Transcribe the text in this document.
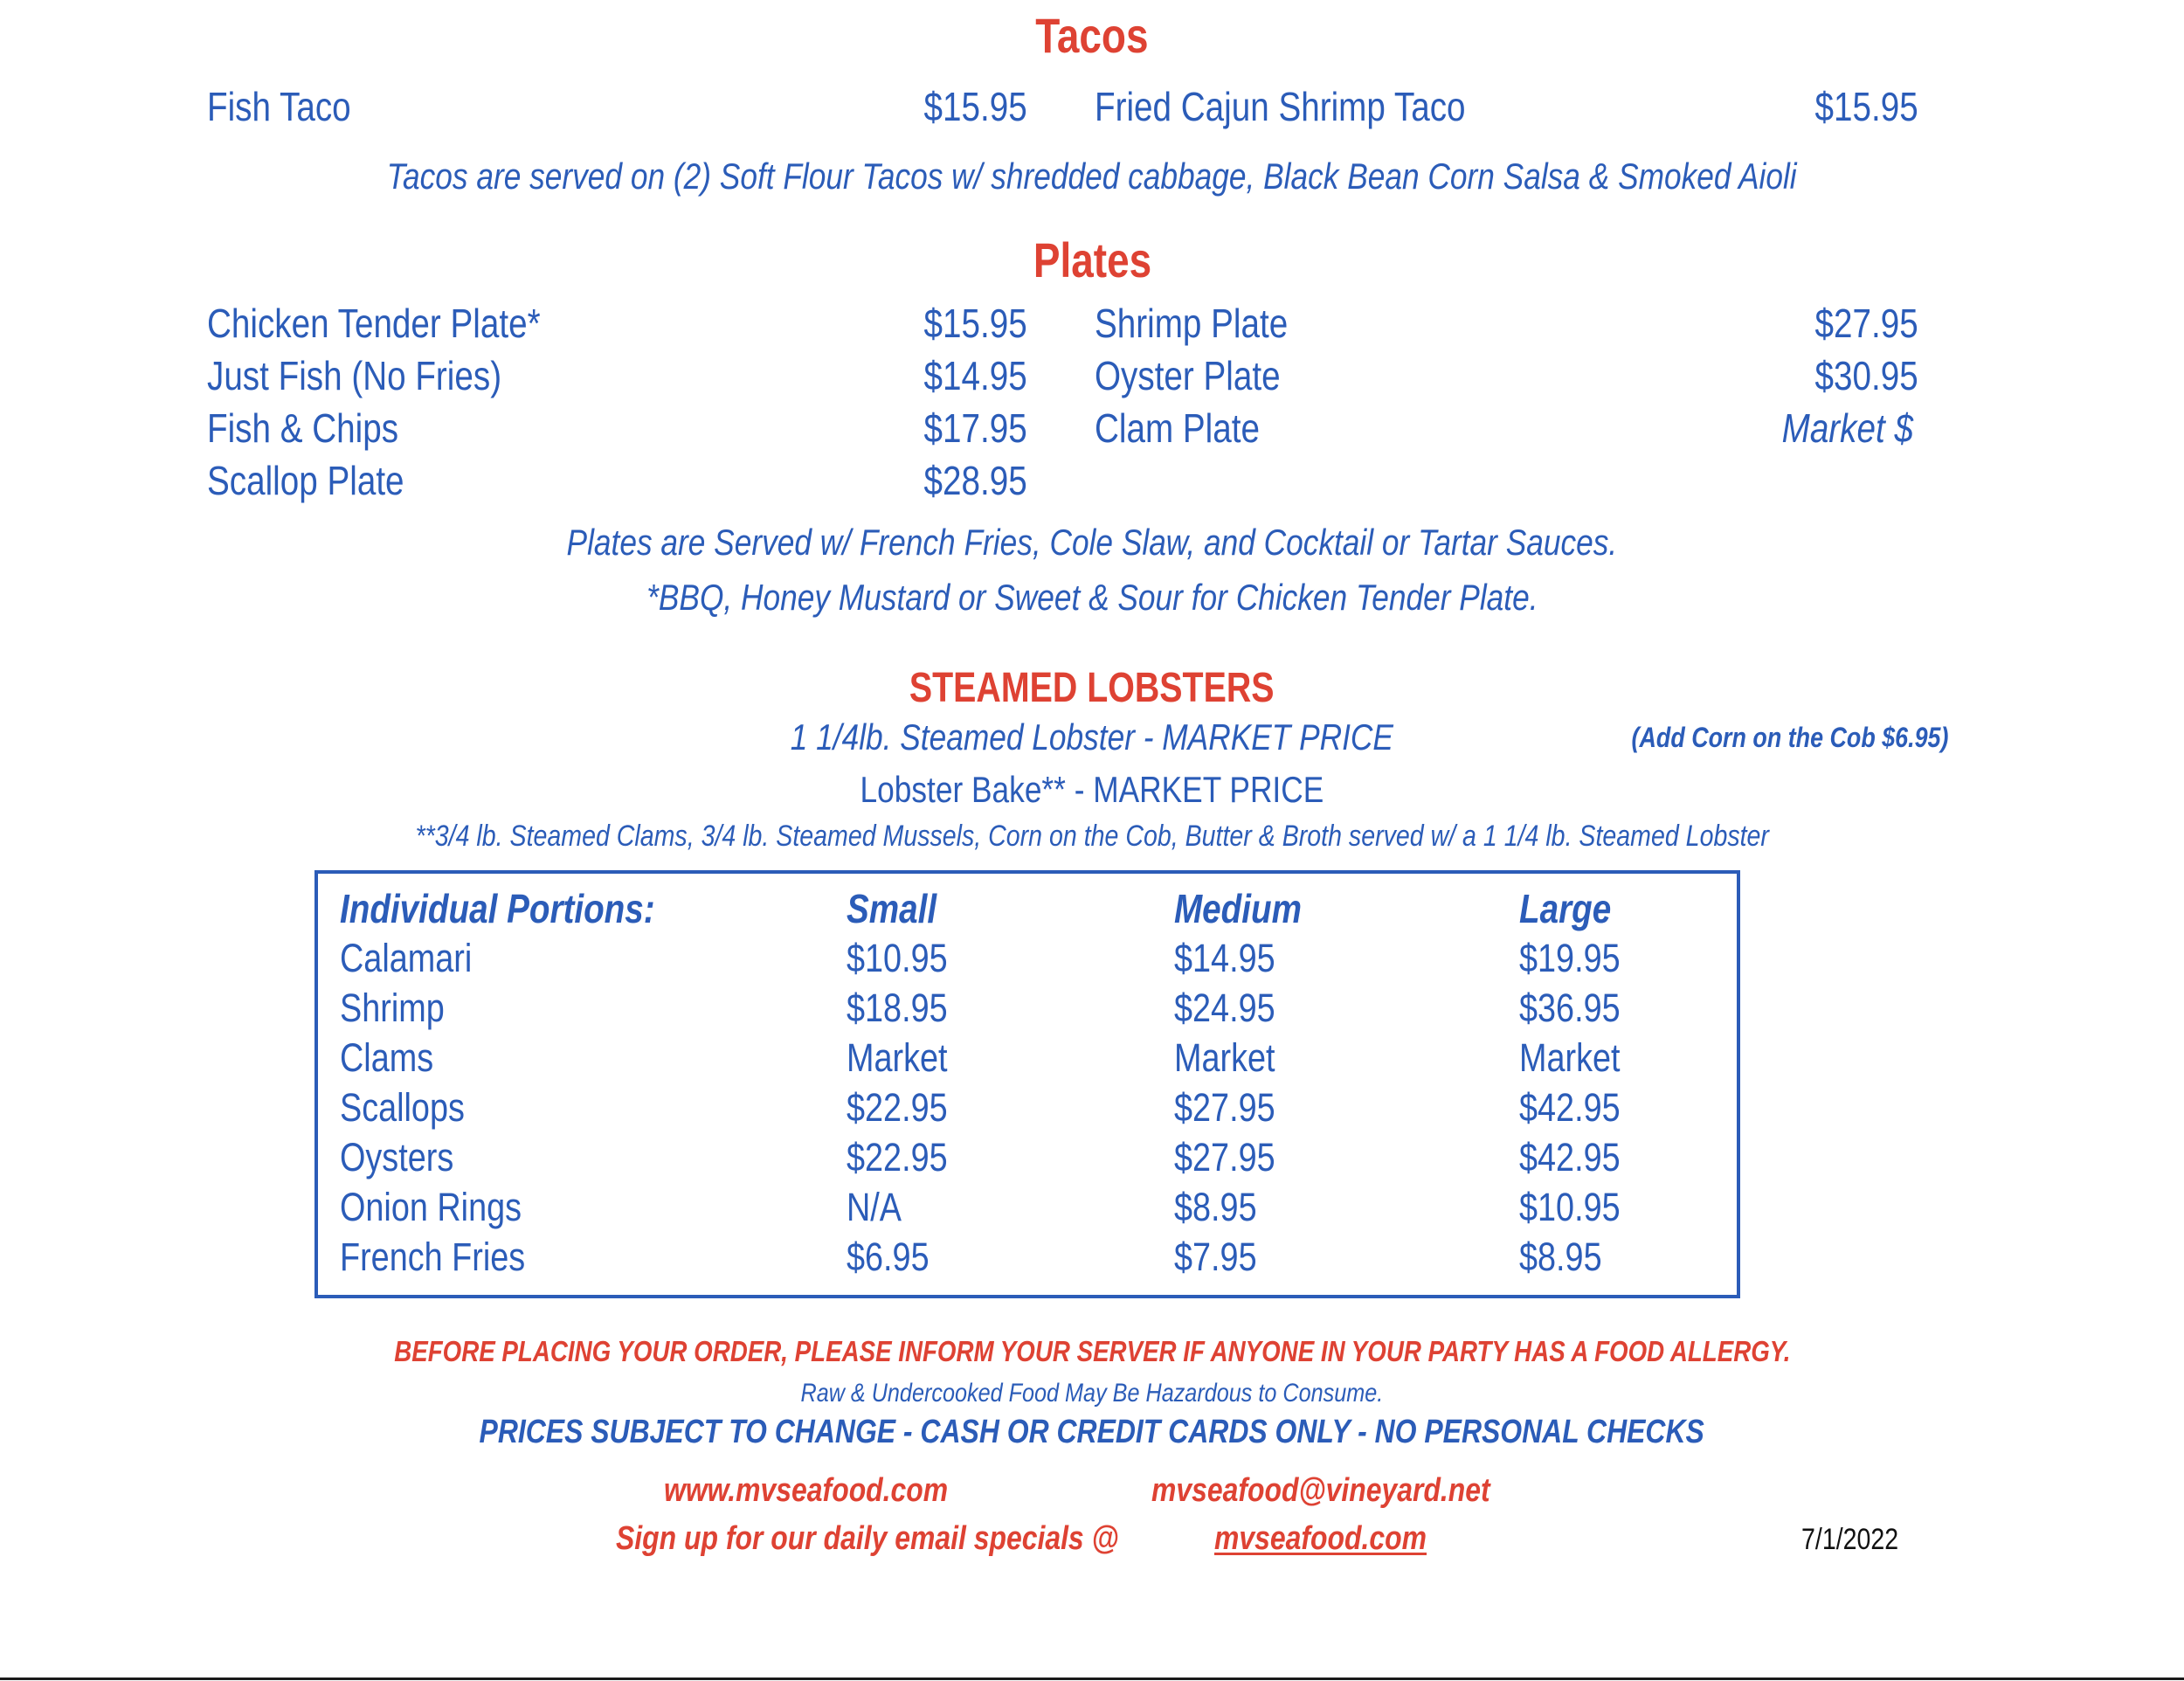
Tacos
Fish Taco	$15.95 Fried Cajun Shrimp Taco	$15.95
Tacos are served on (2) Soft Flour Tacos w/ shredded cabbage, Black Bean Corn Salsa & Smoked Aioli
Plates
Chicken Tender Plate*	$15.95
Just Fish (No Fries)	$14.95
Fish & Chips	$17.95
Scallop Plate	$28.95
Shrimp Plate	$27.95
Oyster Plate	$30.95
Clam Plate	Market $
Plates are Served w/ French Fries, Cole Slaw, and Cocktail or Tartar Sauces.
*BBQ, Honey Mustard or Sweet & Sour for Chicken Tender Plate.
STEAMED LOBSTERS
1 1/4lb. Steamed Lobster - MARKET PRICE	(Add Corn on the Cob $6.95)
Lobster Bake** - MARKET PRICE
**3/4 lb. Steamed Clams, 3/4 lb. Steamed Mussels, Corn on the Cob, Butter & Broth served w/ a 1 1/4 lb. Steamed Lobster
Individual Portions:	Small	Medium	Large
Calamari	$10.95	$14.95	$19.95
Shrimp	$18.95	$24.95	$36.95
Clams	Market	Market	Market
Scallops	$22.95	$27.95	$42.95
Oysters	$22.95	$27.95	$42.95
Onion Rings	N/A	$8.95	$10.95
French Fries	$6.95	$7.95	$8.95
BEFORE PLACING YOUR ORDER, PLEASE INFORM YOUR SERVER IF ANYONE IN YOUR PARTY HAS A FOOD ALLERGY.
Raw & Undercooked Food May Be Hazardous to Consume.
PRICES SUBJECT TO CHANGE - CASH OR CREDIT CARDS ONLY - NO PERSONAL CHECKS
www.mvseafood.com	mvseafood@vineyard.net
Sign up for our daily email specials @	mvseafood.com	7/1/2022
